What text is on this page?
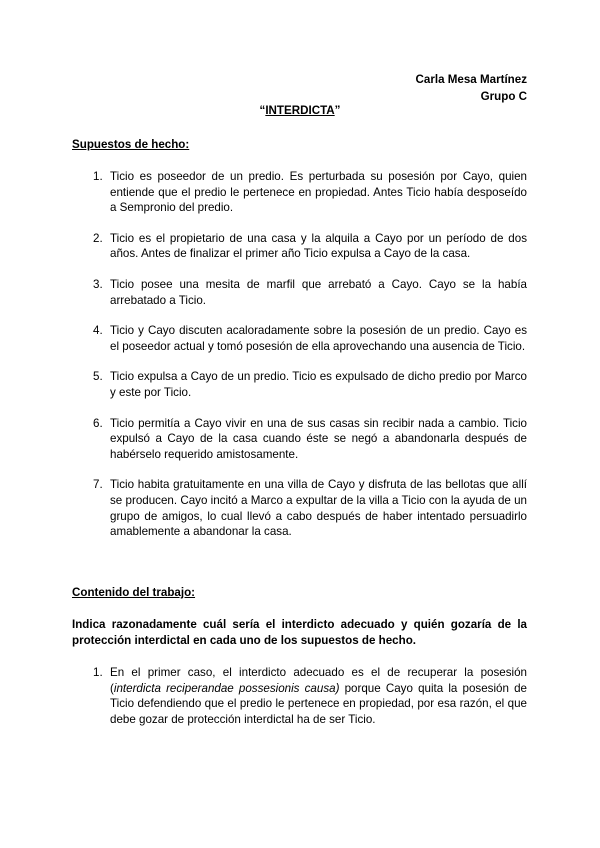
Carla Mesa Martínez
Grupo C
“INTERDICTA”
Supuestos de hecho:
1. Ticio es poseedor de un predio. Es perturbada su posesión por Cayo, quien entiende que el predio le pertenece en propiedad. Antes Ticio había desposeído a Sempronio del predio.
2. Ticio es el propietario de una casa y la alquila a Cayo por un período de dos años. Antes de finalizar el primer año Ticio expulsa a Cayo de la casa.
3. Ticio posee una mesita de marfil que arrebató a Cayo. Cayo se la había arrebatado a Ticio.
4. Ticio y Cayo discuten acaloradamente sobre la posesión de un predio. Cayo es el poseedor actual y tomó posesión de ella aprovechando una ausencia de Ticio.
5. Ticio expulsa a Cayo de un predio. Ticio es expulsado de dicho predio por Marco y este por Ticio.
6. Ticio permitía a Cayo vivir en una de sus casas sin recibir nada a cambio. Ticio expulsó a Cayo de la casa cuando éste se negó a abandonarla después de habérselo requerido amistosamente.
7. Ticio habita gratuitamente en una villa de Cayo y disfruta de las bellotas que allí se producen. Cayo incitó a Marco a expultar de la villa a Ticio con la ayuda de un grupo de amigos, lo cual llevó a cabo después de haber intentado persuadirlo amablemente a abandonar la casa.
Contenido del trabajo:
Indica razonadamente cuál sería el interdicto adecuado y quién gozaría de la protección interdictal en cada uno de los supuestos de hecho.
1. En el primer caso, el interdicto adecuado es el de recuperar la posesión (interdicta reciperandae possesionis causa) porque Cayo quita la posesión de Ticio defendiendo que el predio le pertenece en propiedad, por esa razón, el que debe gozar de protección interdictal ha de ser Ticio.
